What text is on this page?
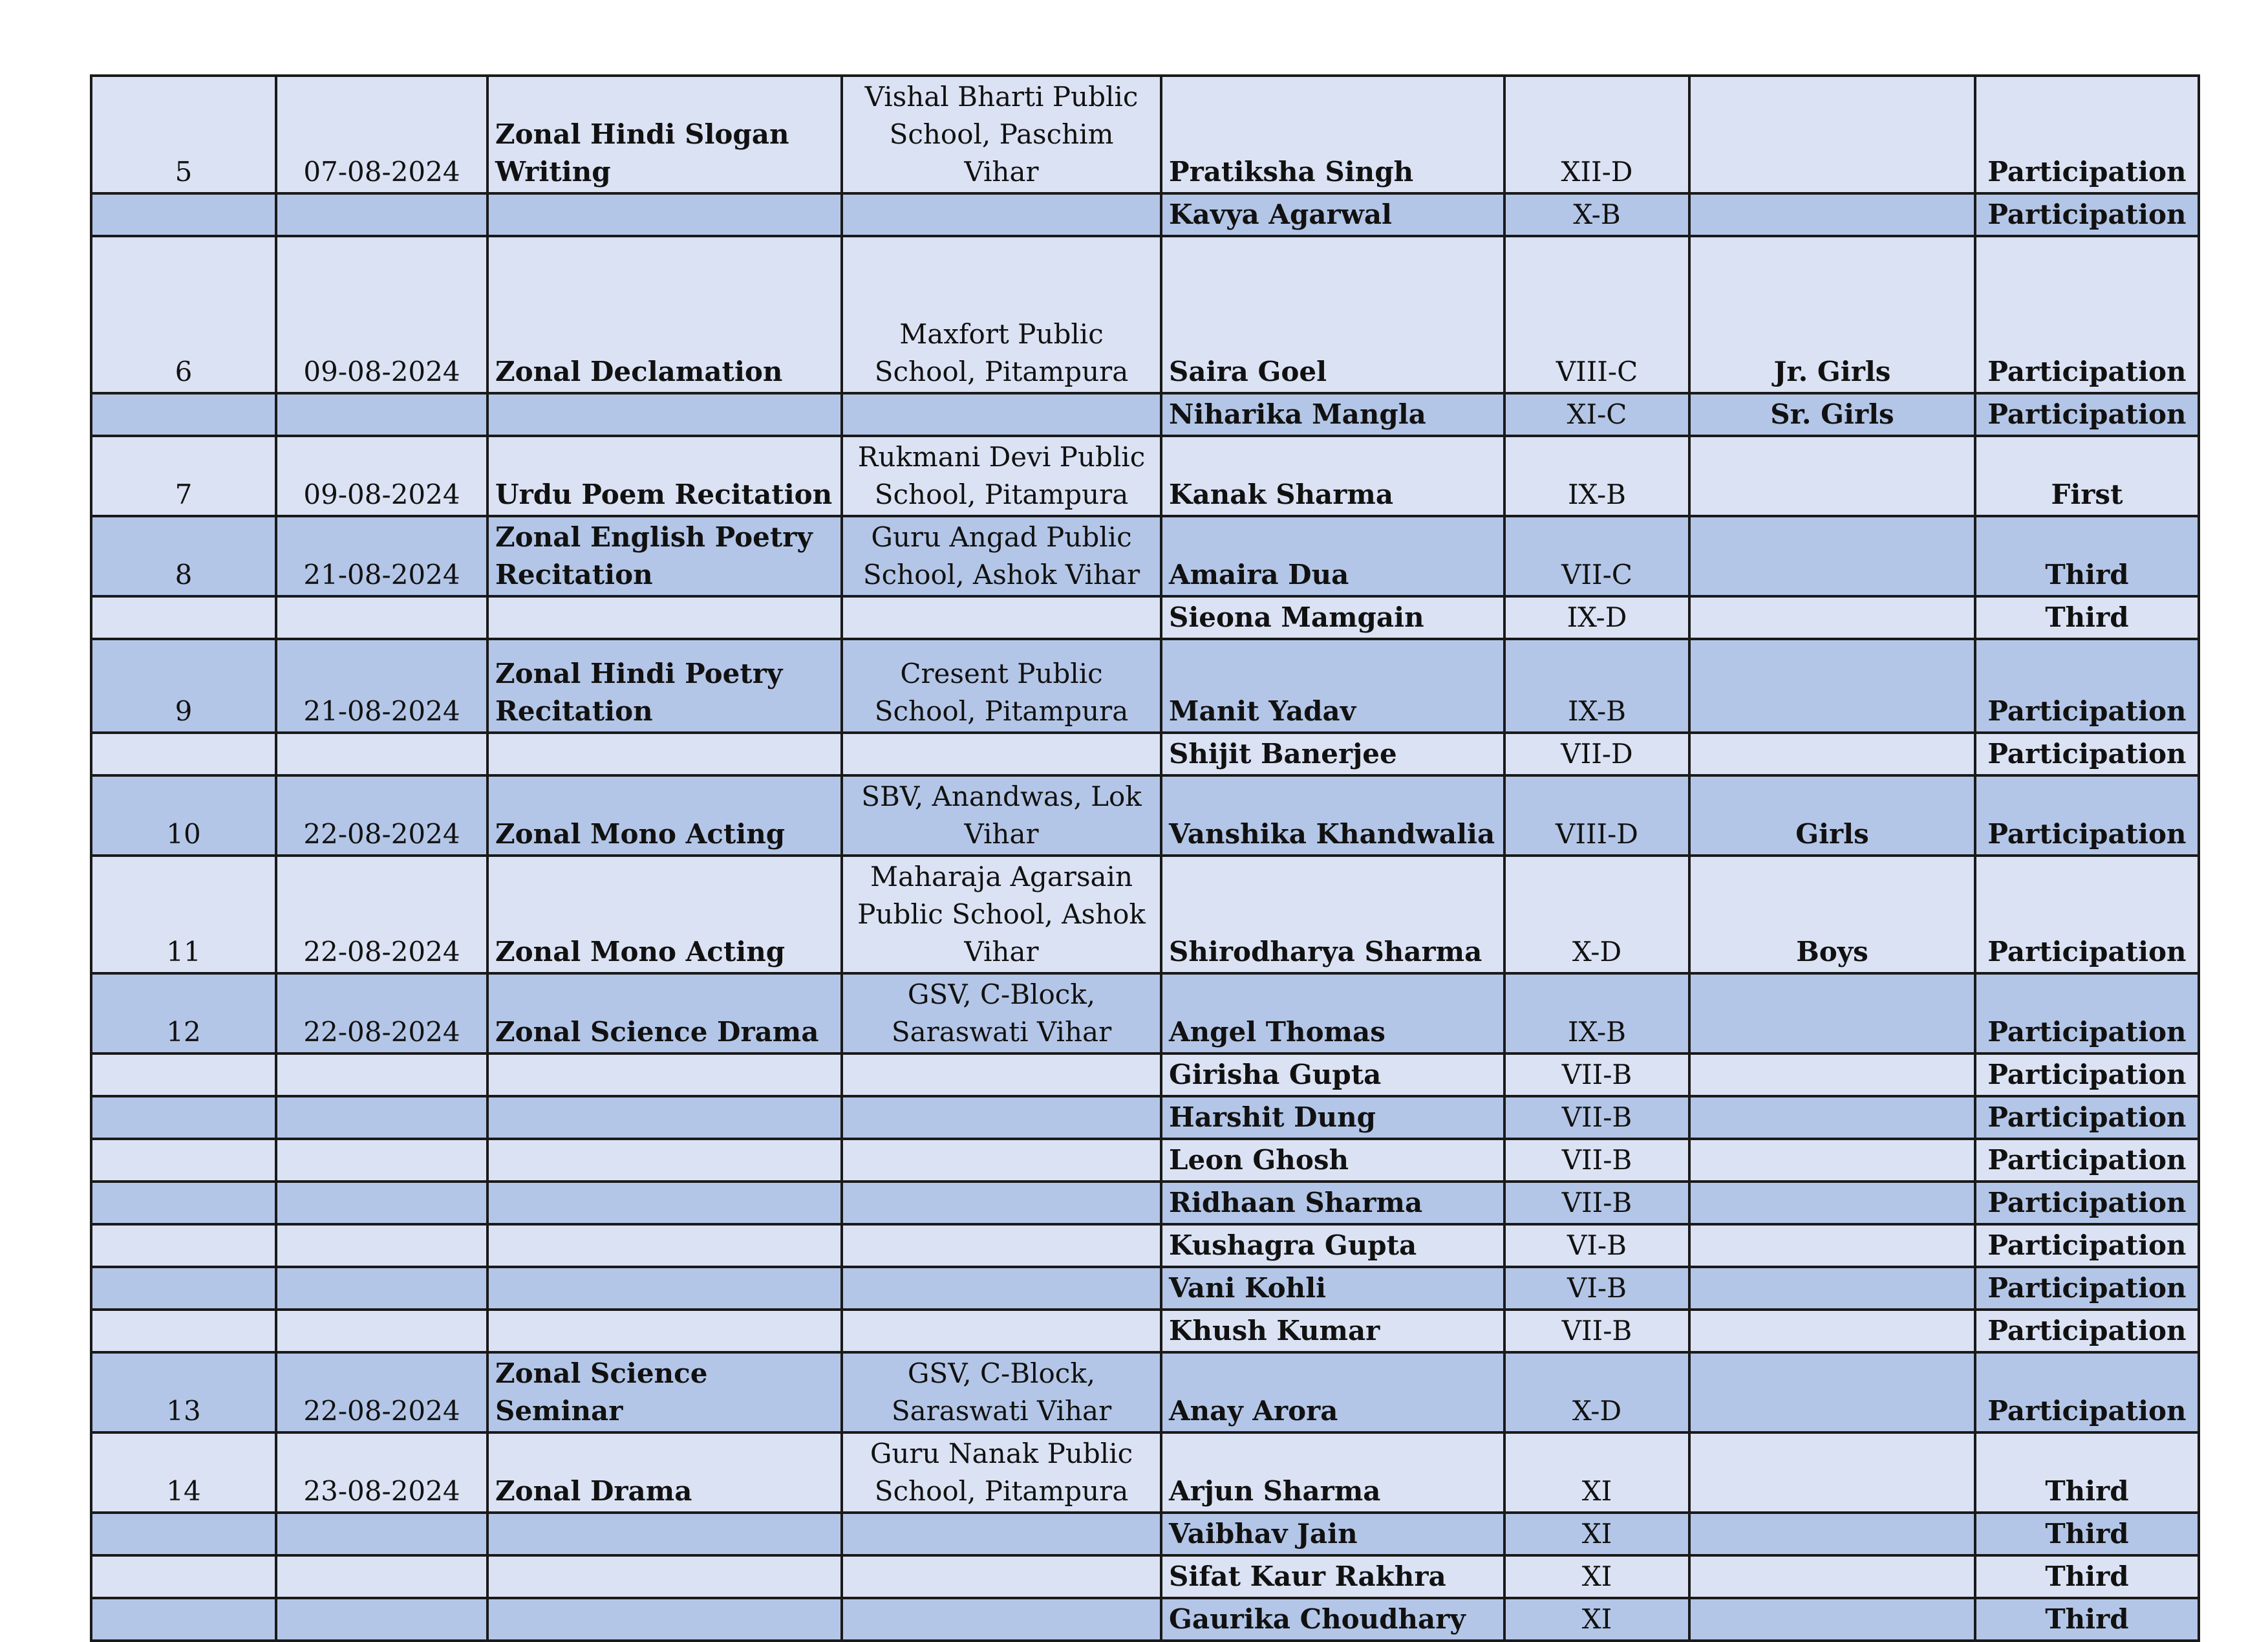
5	07-08-2024	Zonal Hindi Slogan Writing	Vishal Bharti Public School, Paschim Vihar	Pratiksha Singh	XII-D		Participation
				Kavya Agarwal	X-B		Participation
6	09-08-2024	Zonal Declamation	Maxfort Public School, Pitampura	Saira Goel	VIII-C	Jr. Girls	Participation
				Niharika Mangla	XI-C	Sr. Girls	Participation
7	09-08-2024	Urdu Poem Recitation	Rukmani Devi Public School, Pitampura	Kanak Sharma	IX-B		First
8	21-08-2024	Zonal English Poetry Recitation	Guru Angad Public School, Ashok Vihar	Amaira Dua	VII-C		Third
				Sieona Mamgain	IX-D		Third
9	21-08-2024	Zonal Hindi Poetry Recitation	Cresent Public School, Pitampura	Manit Yadav	IX-B		Participation
				Shijit Banerjee	VII-D		Participation
10	22-08-2024	Zonal Mono Acting	SBV, Anandwas, Lok Vihar	Vanshika Khandwalia	VIII-D	Girls	Participation
11	22-08-2024	Zonal Mono Acting	Maharaja Agarsain Public School, Ashok Vihar	Shirodharya Sharma	X-D	Boys	Participation
12	22-08-2024	Zonal Science Drama	GSV, C-Block, Saraswati Vihar	Angel Thomas	IX-B		Participation
				Girisha Gupta	VII-B		Participation
				Harshit Dung	VII-B		Participation
				Leon Ghosh	VII-B		Participation
				Ridhaan Sharma	VII-B		Participation
				Kushagra Gupta	VI-B		Participation
				Vani Kohli	VI-B		Participation
				Khush Kumar	VII-B		Participation
13	22-08-2024	Zonal Science Seminar	GSV, C-Block, Saraswati Vihar	Anay Arora	X-D		Participation
14	23-08-2024	Zonal Drama	Guru Nanak Public School, Pitampura	Arjun Sharma	XI		Third
				Vaibhav Jain	XI		Third
				Sifat Kaur Rakhra	XI		Third
				Gaurika Choudhary	XI		Third
